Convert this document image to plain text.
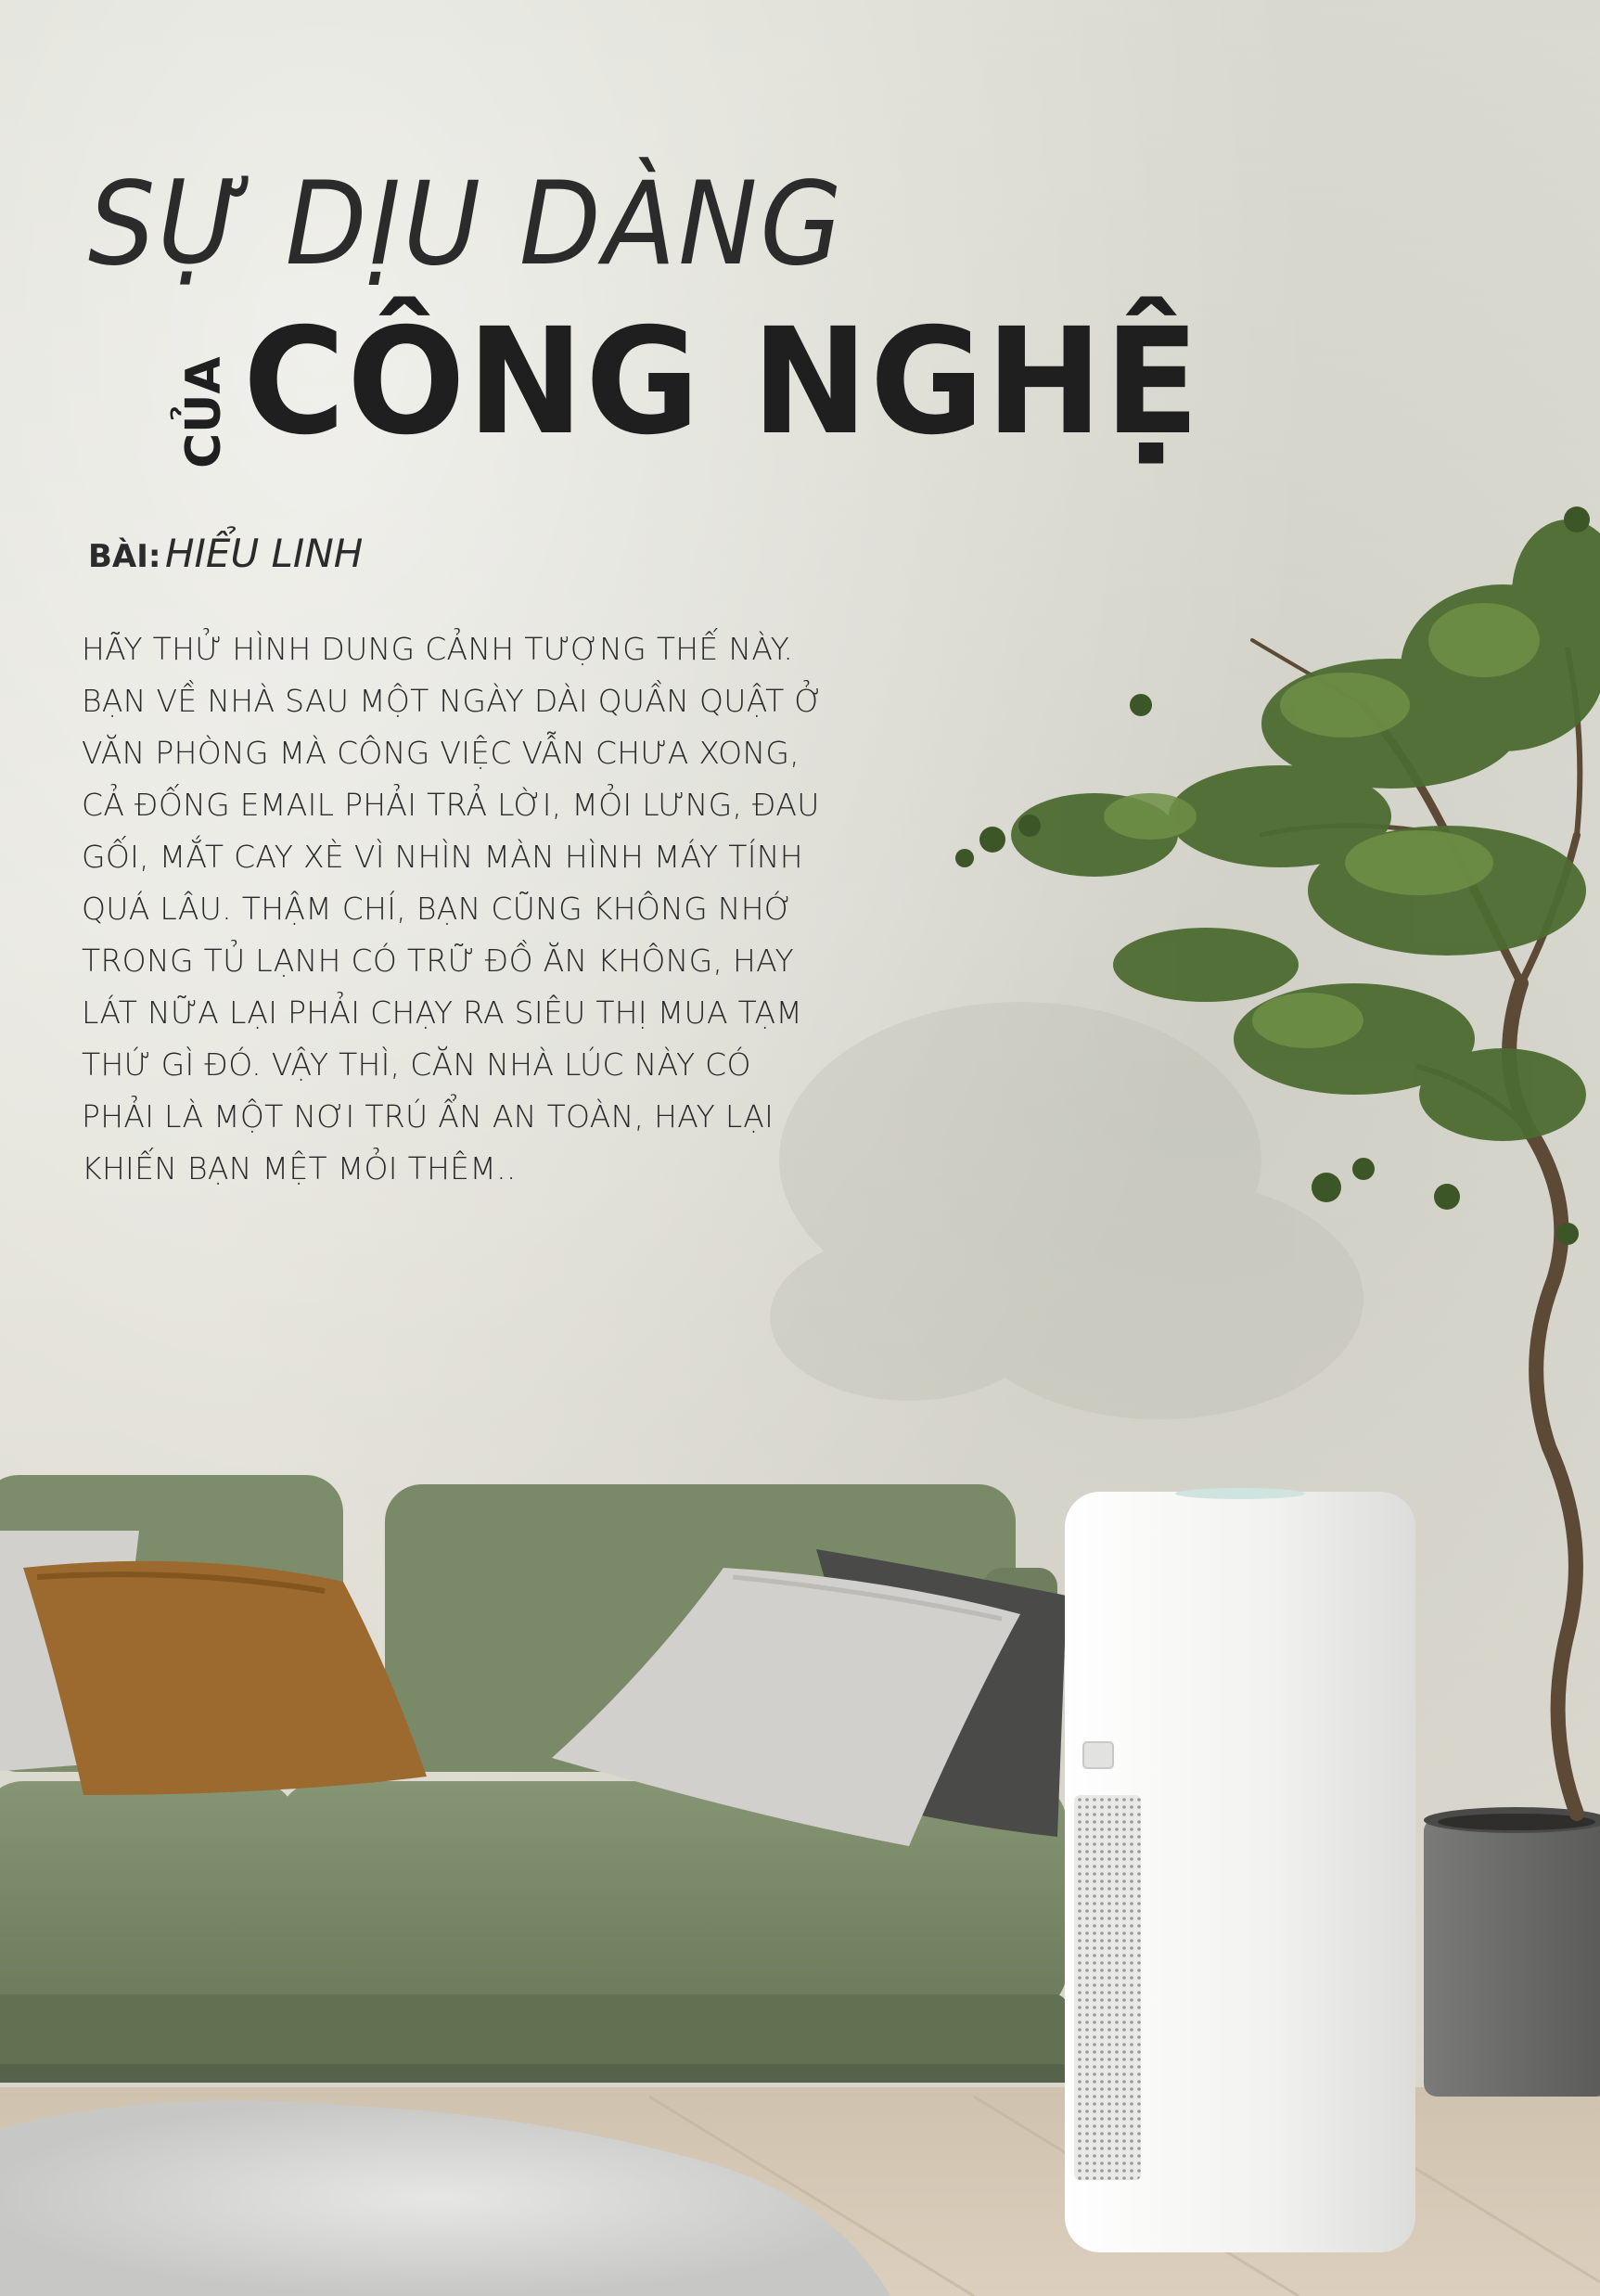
SỰ DỊU DÀNG
CỦA CÔNG NGHỆ
BÀI: HIỂU LINH
HÃY THỬ HÌNH DUNG CẢNH TƯỢNG THẾ NÀY.
BẠN VỀ NHÀ SAU MỘT NGÀY DÀI QUẦN QUẬT Ở
VĂN PHÒNG MÀ CÔNG VIỆC VẪN CHƯA XONG,
CẢ ĐỐNG EMAIL PHẢI TRẢ LỜI, MỎI LƯNG, ĐAU
GỐI, MẮT CAY XÈ VÌ NHÌN MÀN HÌNH MÁY TÍNH
QUÁ LÂU. THẬM CHÍ, BẠN CŨNG KHÔNG NHỚ
TRONG TỦ LẠNH CÓ TRỮ ĐỒ ĂN KHÔNG, HAY
LÁT NỮA LẠI PHẢI CHẠY RA SIÊU THỊ MUA TẠM
THỨ GÌ ĐÓ. VẬY THÌ, CĂN NHÀ LÚC NÀY CÓ
PHẢI LÀ MỘT NƠI TRÚ ẨN AN TOÀN, HAY LẠI
KHIẾN BẠN MỆT MỎI THÊM..
